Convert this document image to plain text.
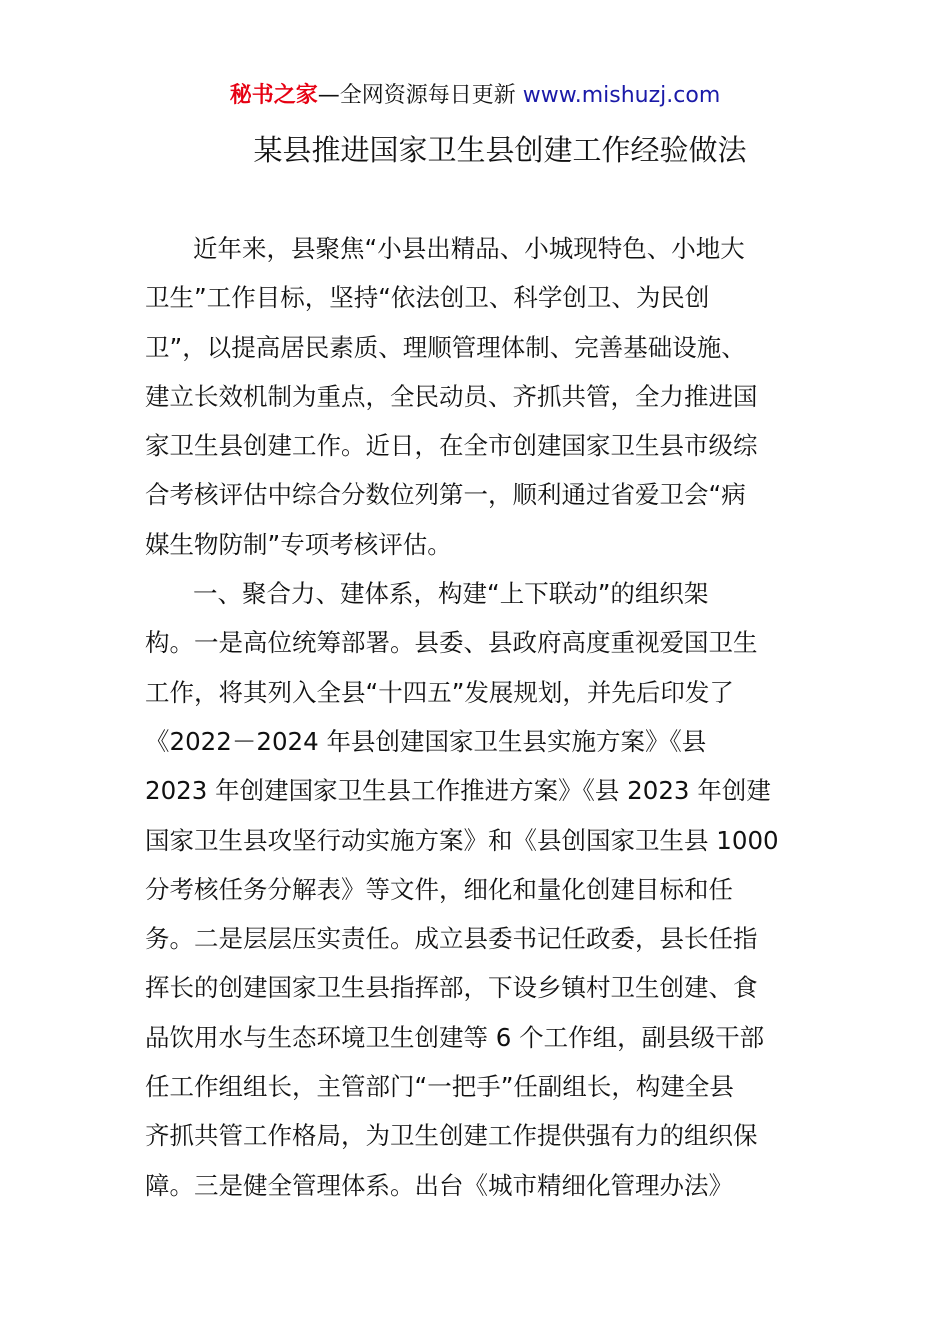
秘书之家—全网资源每日更新 www.mishuzj.com
某县推进国家卫生县创建工作经验做法
近年来，县聚焦“小县出精品、小城现特色、小地大
卫生”工作目标，坚持“依法创卫、科学创卫、为民创
卫”，以提高居民素质、理顺管理体制、完善基础设施、
建立长效机制为重点，全民动员、齐抓共管，全力推进国
家卫生县创建工作。近日，在全市创建国家卫生县市级综
合考核评估中综合分数位列第一，顺利通过省爱卫会“病
媒生物防制”专项考核评估。
一、聚合力、建体系，构建“上下联动”的组织架
构。一是高位统筹部署。县委、县政府高度重视爱国卫生
工作，将其列入全县“十四五”发展规划，并先后印发了
《2022－2024 年县创建国家卫生县实施方案》《县
2023 年创建国家卫生县工作推进方案》《县 2023 年创建
国家卫生县攻坚行动实施方案》和《县创国家卫生县 1000
分考核任务分解表》等文件，细化和量化创建目标和任
务。二是层层压实责任。成立县委书记任政委，县长任指
挥长的创建国家卫生县指挥部，下设乡镇村卫生创建、食
品饮用水与生态环境卫生创建等 6 个工作组，副县级干部
任工作组组长，主管部门“一把手”任副组长，构建全县
齐抓共管工作格局，为卫生创建工作提供强有力的组织保
障。三是健全管理体系。出台《城市精细化管理办法》
